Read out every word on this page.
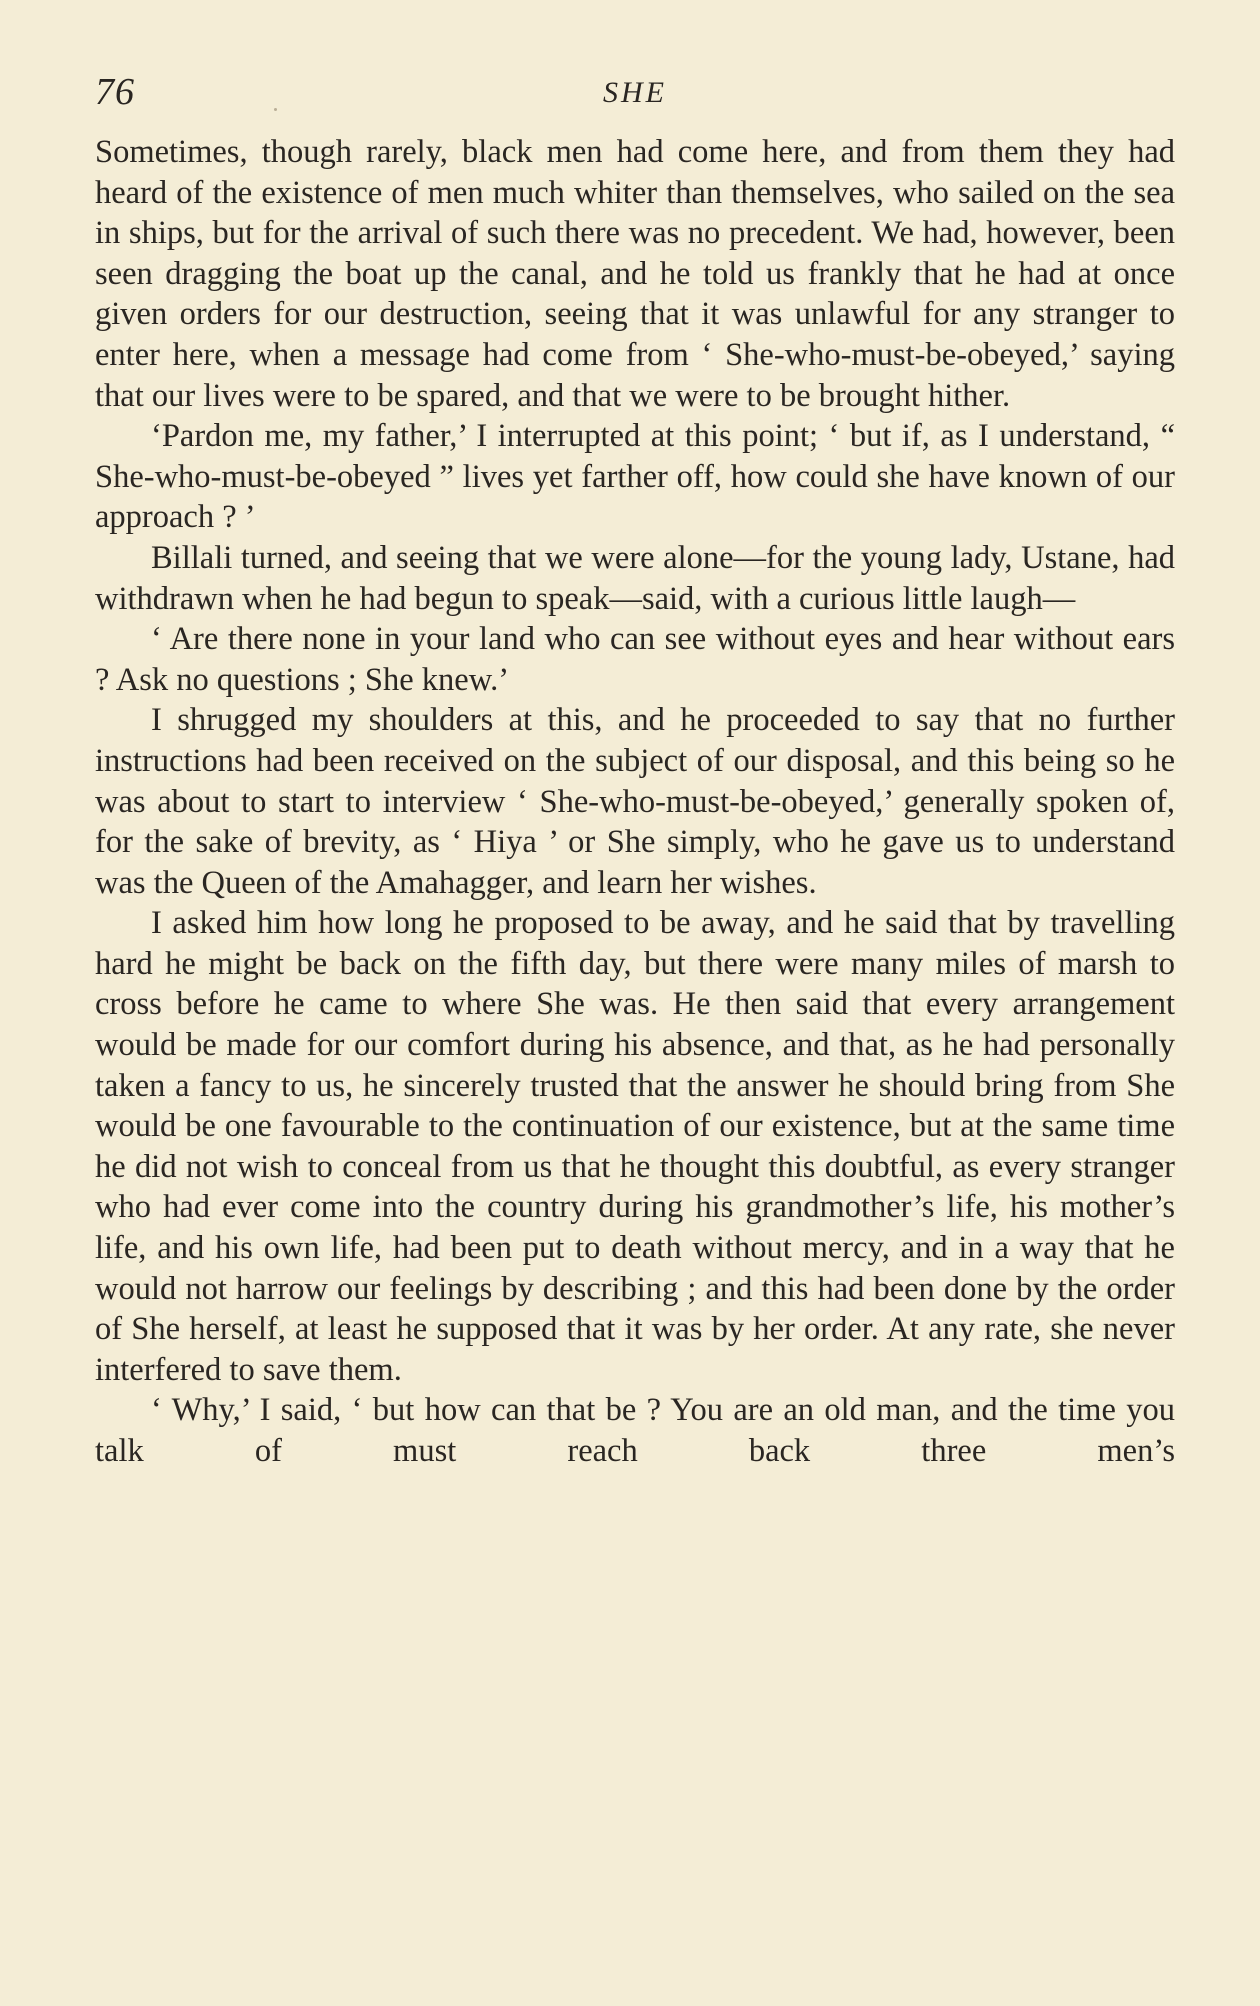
76	SHE

Sometimes, though rarely, black men had come here, and from them they had heard of the existence of men much whiter than themselves, who sailed on the sea in ships, but for the arrival of such there was no precedent. We had, however, been seen dragging the boat up the canal, and he told us frankly that he had at once given orders for our destruction, seeing that it was unlawful for any stranger to enter here, when a message had come from ‘ She-who-must-be-obeyed,’ saying that our lives were to be spared, and that we were to be brought hither.

‘Pardon me, my father,’ I interrupted at this point; ‘ but if, as I understand, “ She-who-must-be-obeyed ” lives yet farther off, how could she have known of our approach ? ’

Billali turned, and seeing that we were alone—for the young lady, Ustane, had withdrawn when he had begun to speak—said, with a curious little laugh—

‘ Are there none in your land who can see without eyes and hear without ears ? Ask no questions ; She knew.’

I shrugged my shoulders at this, and he proceeded to say that no further instructions had been received on the subject of our disposal, and this being so he was about to start to interview ‘ She-who-must-be-obeyed,’ generally spoken of, for the sake of brevity, as ‘ Hiya ’ or She simply, who he gave us to understand was the Queen of the Amahagger, and learn her wishes.

I asked him how long he proposed to be away, and he said that by travelling hard he might be back on the fifth day, but there were many miles of marsh to cross before he came to where She was. He then said that every arrangement would be made for our comfort during his absence, and that, as he had personally taken a fancy to us, he sincerely trusted that the answer he should bring from She would be one favourable to the continuation of our existence, but at the same time he did not wish to conceal from us that he thought this doubtful, as every stranger who had ever come into the country during his grandmother’s life, his mother’s life, and his own life, had been put to death without mercy, and in a way that he would not harrow our feelings by describing ; and this had been done by the order of She herself, at least he supposed that it was by her order. At any rate, she never interfered to save them.

‘ Why,’ I said, ‘ but how can that be ? You are an old man, and the time you talk of must reach back three men’s
